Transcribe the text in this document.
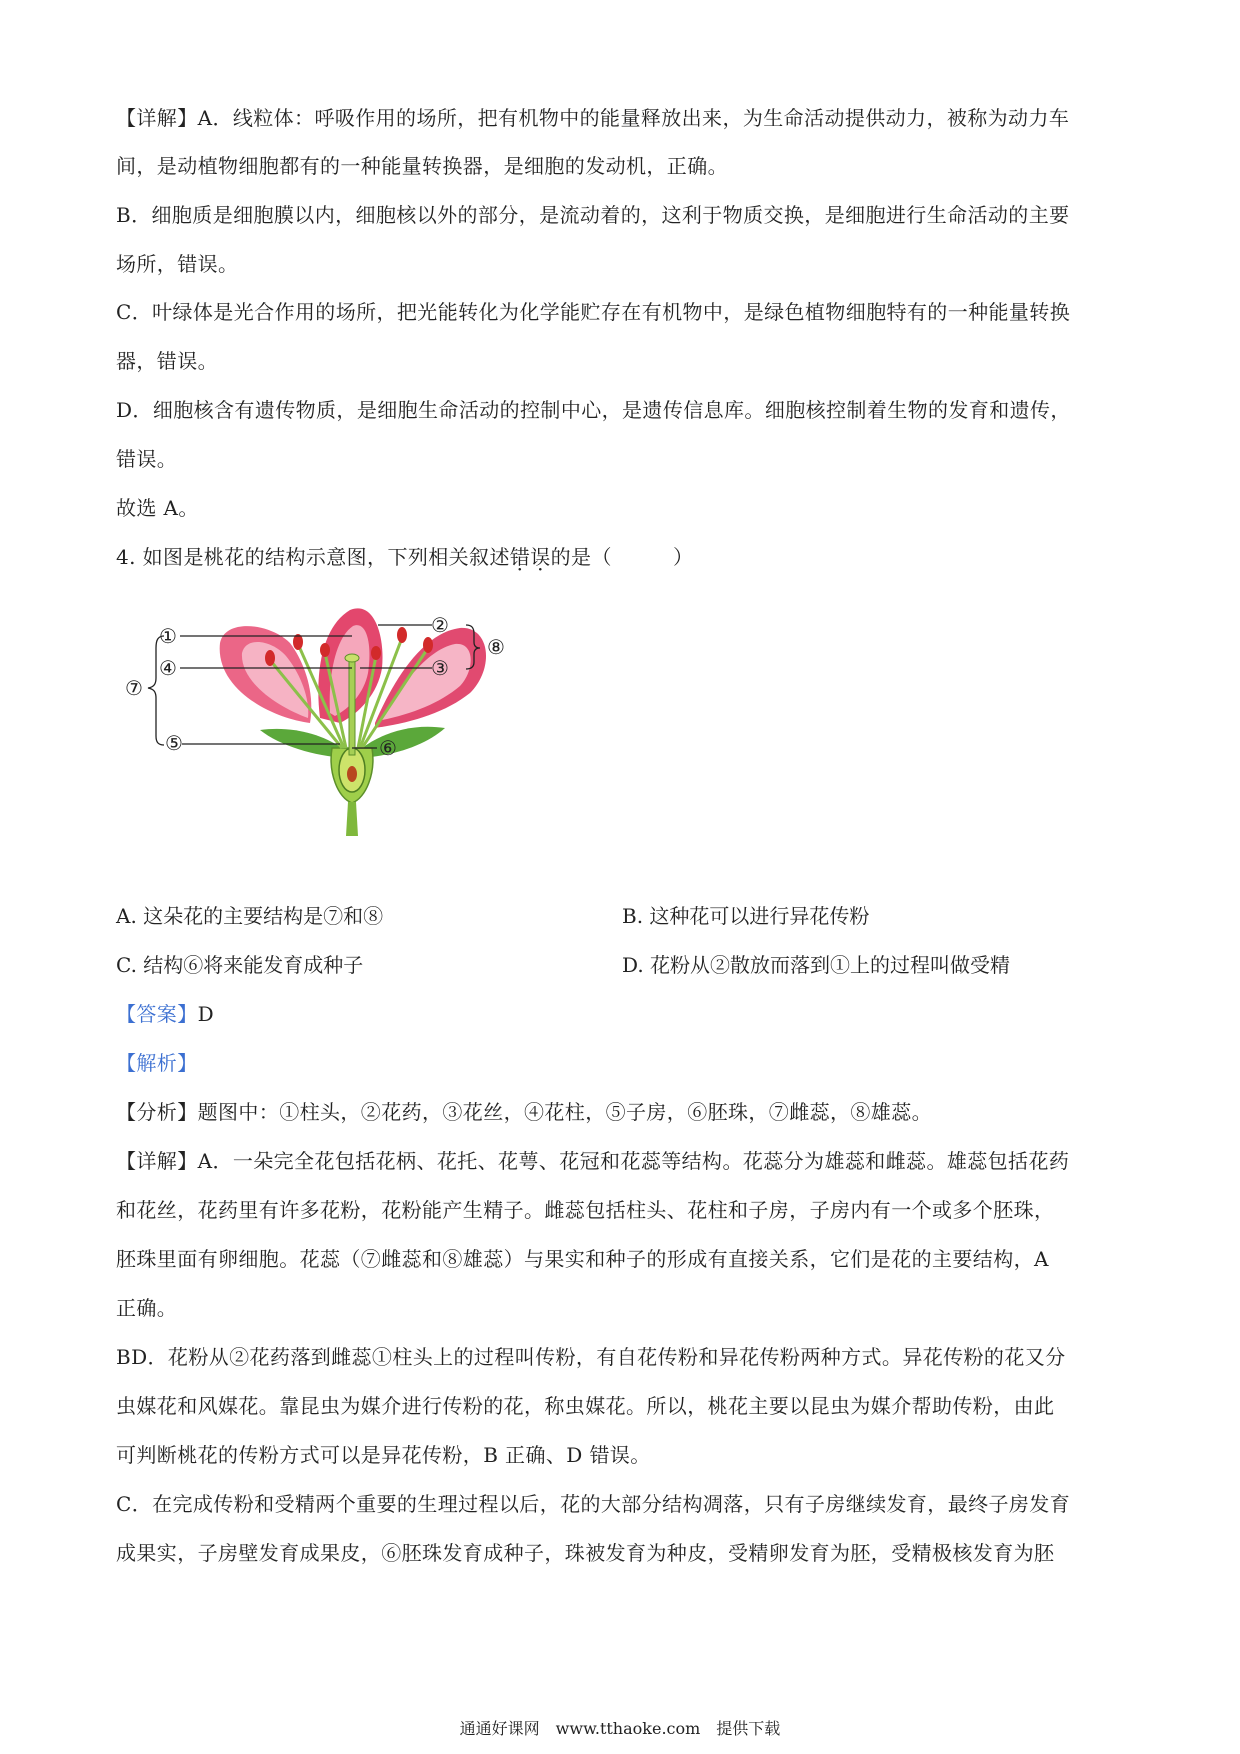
【详解】A．线粒体：呼吸作用的场所，把有机物中的能量释放出来，为生命活动提供动力，被称为动力车
间，是动植物细胞都有的一种能量转换器，是细胞的发动机，正确。
B．细胞质是细胞膜以内，细胞核以外的部分，是流动着的，这利于物质交换，是细胞进行生命活动的主要
场所，错误。
C．叶绿体是光合作用的场所，把光能转化为化学能贮存在有机物中，是绿色植物细胞特有的一种能量转换
器，错误。
D．细胞核含有遗传物质，是细胞生命活动的控制中心，是遗传信息库。细胞核控制着生物的发育和遗传，
错误。
故选 A。
4. 如图是桃花的结构示意图，下列相关叙述错误的是（　　　）
①
④
⑤	⑥
②
③
⑦
⑧
A. 这朵花的主要结构是⑦和⑧	B. 这种花可以进行异花传粉
C. 结构⑥将来能发育成种子	D. 花粉从②散放而落到①上的过程叫做受精
【答案】D
【解析】
【分析】题图中：①柱头，②花药，③花丝，④花柱，⑤子房，⑥胚珠，⑦雌蕊，⑧雄蕊。
【详解】A．一朵完全花包括花柄、花托、花萼、花冠和花蕊等结构。花蕊分为雄蕊和雌蕊。雄蕊包括花药
和花丝，花药里有许多花粉，花粉能产生精子。雌蕊包括柱头、花柱和子房，子房内有一个或多个胚珠，
胚珠里面有卵细胞。花蕊（⑦雌蕊和⑧雄蕊）与果实和种子的形成有直接关系，它们是花的主要结构，A
正确。
BD．花粉从②花药落到雌蕊①柱头上的过程叫传粉，有自花传粉和异花传粉两种方式。异花传粉的花又分
虫媒花和风媒花。靠昆虫为媒介进行传粉的花，称虫媒花。所以，桃花主要以昆虫为媒介帮助传粉，由此
可判断桃花的传粉方式可以是异花传粉，B 正确、D 错误。
C．在完成传粉和受精两个重要的生理过程以后，花的大部分结构凋落，只有子房继续发育，最终子房发育
成果实，子房壁发育成果皮，⑥胚珠发育成种子，珠被发育为种皮，受精卵发育为胚，受精极核发育为胚
通通好课网　www.tthaoke.com　提供下载
